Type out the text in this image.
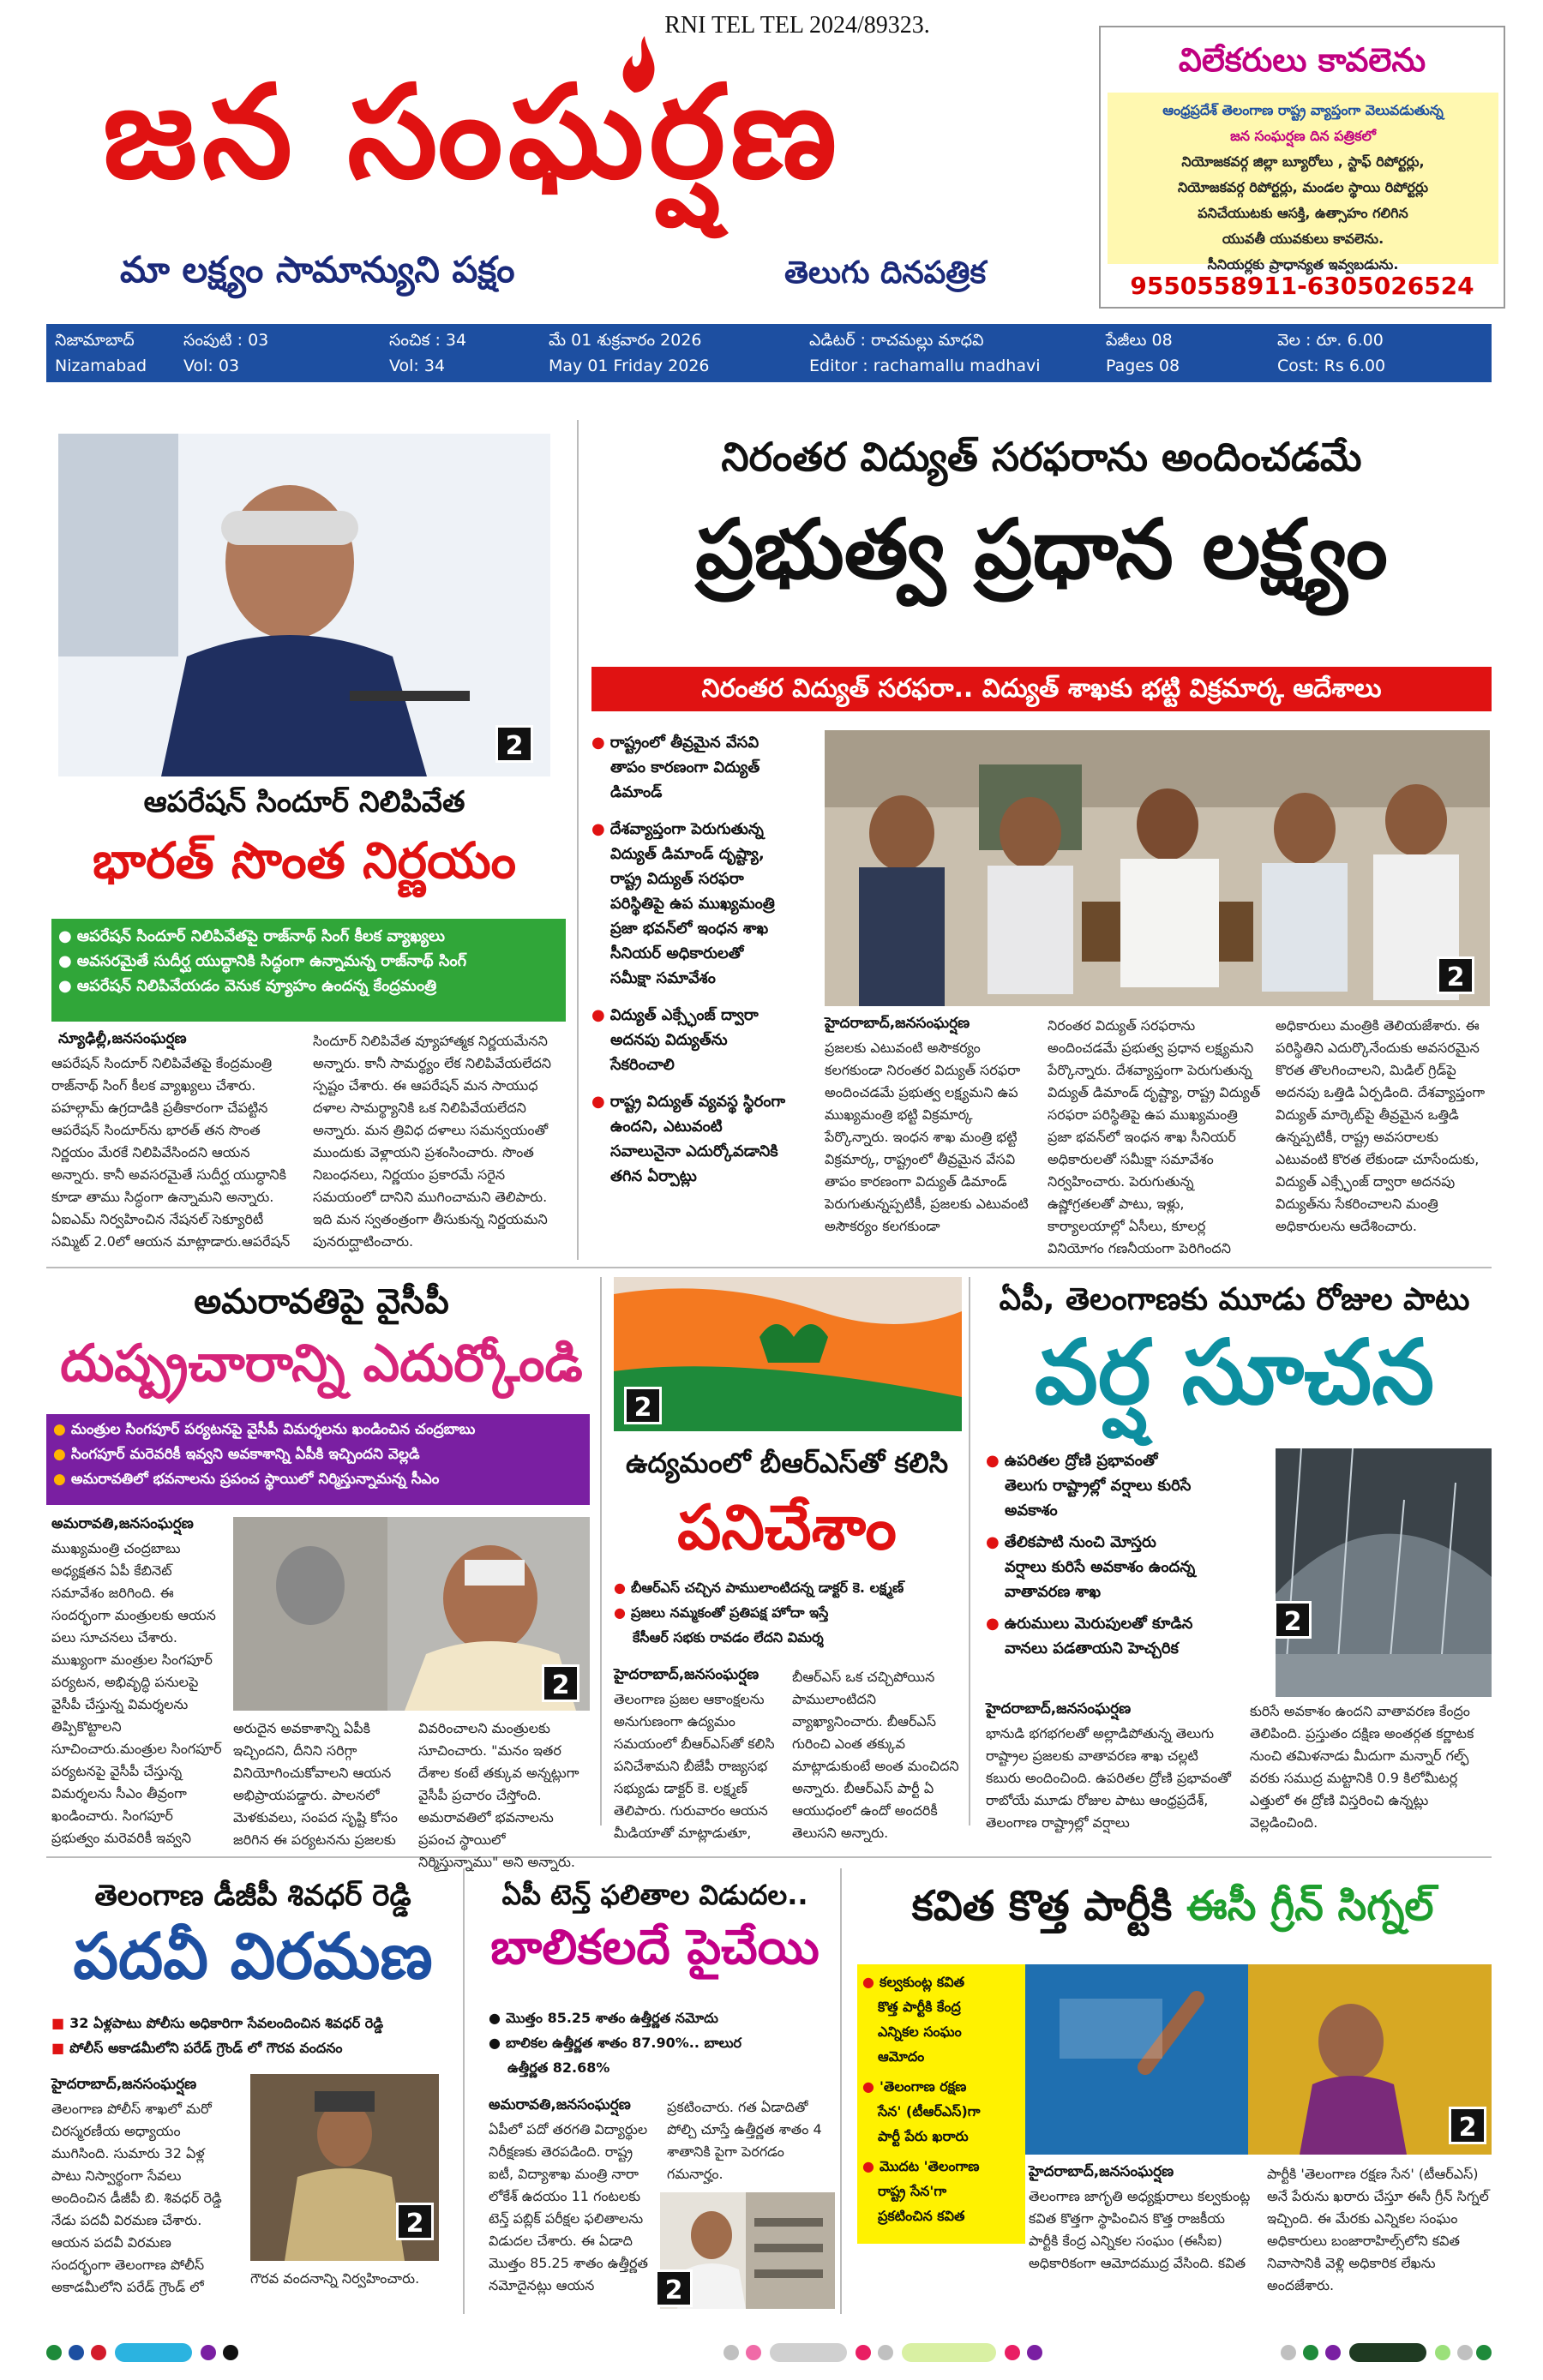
RNI TEL TEL 2024/89323.
జన సంఘర్షణ
మా లక్ష్యం సామాన్యుని పక్షం	తెలుగు దినపత్రిక
విలేకరులు కావలెను
ఆంధ్రప్రదేశ్ తెలంగాణ రాష్ట్ర వ్యాప్తంగా వెలువడుతున్న
జన సంఘర్షణ దిన పత్రికలో
నియోజకవర్గ జిల్లా బ్యూరోలు , స్టాఫ్ రిపోర్టర్లు,
నియోజకవర్గ రిపోర్టర్లు, మండల స్థాయి రిపోర్టర్లు
పనిచేయుటకు ఆసక్తి, ఉత్సాహం గలిగిన
యువతీ యువకులు కావలెను.
సీనియర్లకు ప్రాధాన్యత ఇవ్వబడును.
9550558911-6305026524
నిజామాబాద్
Nizamabad
సంపుటి : 03
Vol: 03
సంచిక : 34
Vol: 34
మే 01 శుక్రవారం 2026
May 01 Friday 2026
ఎడిటర్ : రాచమల్లు మాధవి
Editor : rachamallu madhavi
పేజీలు 08
Pages 08
వెల : రూ. 6.00
Cost: Rs 6.00
2
ఆపరేషన్ సిందూర్ నిలిపివేత
భారత్ సొంత నిర్ణయం
● ఆపరేషన్ సిందూర్ నిలిపివేతపై రాజ్‌నాథ్ సింగ్ కీలక వ్యాఖ్యలు
● అవసరమైతే సుదీర్ఘ యుద్ధానికి సిద్ధంగా ఉన్నామన్న రాజ్‌నాథ్ సింగ్
● ఆపరేషన్ నిలిపివేయడం వెనుక వ్యూహం ఉందన్న కేంద్రమంత్రి
న్యూఢిల్లీ,జనసంఘర్షణ
ఆపరేషన్ సిందూర్ నిలిపివేతపై కేంద్రమంత్రి రాజ్‌నాథ్ సింగ్ కీలక వ్యాఖ్యలు చేశారు. పహల్గామ్ ఉగ్రదాడికి ప్రతీకారంగా చేపట్టిన ఆపరేషన్ సిందూర్‌ను భారత్ తన సొంత నిర్ణయం మేరకే నిలిపివేసిందని ఆయన అన్నారు. కానీ అవసరమైతే సుదీర్ఘ యుద్ధానికి కూడా తాము సిద్ధంగా ఉన్నామని అన్నారు. ఏఐఎమ్ నిర్వహించిన నేషనల్ సెక్యూరిటీ సమ్మిట్ 2.0లో ఆయన మాట్లాడారు.ఆపరేషన్
సిందూర్ నిలిపివేత వ్యూహాత్మక నిర్ణయమేనని అన్నారు. కానీ సామర్థ్యం లేక నిలిపివేయలేదని స్పష్టం చేశారు. ఈ ఆపరేషన్ మన సాయుధ దళాల సామర్థ్యానికి ఒక నిలిపివేయలేదని అన్నారు. మన త్రివిధ దళాలు సమన్వయంతో ముందుకు వెళ్లాయని ప్రశంసించారు. సొంత నిబంధనలు, నిర్ణయం ప్రకారమే సరైన సమయంలో దానిని ముగించామని తెలిపారు. ఇది మన స్వతంత్రంగా తీసుకున్న నిర్ణయమని పునరుద్ఘాటించారు.
నిరంతర విద్యుత్ సరఫరాను అందించడమే
ప్రభుత్వ ప్రధాన లక్ష్యం
నిరంతర విద్యుత్ సరఫరా.. విద్యుత్ శాఖకు భట్టి విక్రమార్క ఆదేశాలు
● రాష్ట్రంలో తీవ్రమైన వేసవి
తాపం కారణంగా విద్యుత్
డిమాండ్
● దేశవ్యాప్తంగా పెరుగుతున్న
విద్యుత్ డిమాండ్ దృష్ట్యా,
రాష్ట్ర విద్యుత్ సరఫరా
పరిస్థితిపై ఉప ముఖ్యమంత్రి
ప్రజా భవన్‌లో ఇంధన శాఖ
సీనియర్ అధికారులతో
సమీక్షా సమావేశం
● విద్యుత్ ఎక్స్ఛేంజ్ ద్వారా
అదనపు విద్యుత్‌ను
సేకరించాలి
● రాష్ట్ర విద్యుత్ వ్యవస్థ స్థిరంగా
ఉందని, ఎటువంటి
సవాలునైనా ఎదుర్కోవడానికి
తగిన ఏర్పాట్లు
2
హైదరాబాద్,జనసంఘర్షణ
ప్రజలకు ఎటువంటి అసౌకర్యం కలగకుండా నిరంతర విద్యుత్ సరఫరా అందించడమే ప్రభుత్వ లక్ష్యమని ఉప ముఖ్యమంత్రి భట్టి విక్రమార్క పేర్కొన్నారు. ఇంధన శాఖ మంత్రి భట్టి విక్రమార్క, రాష్ట్రంలో తీవ్రమైన వేసవి తాపం కారణంగా విద్యుత్ డిమాండ్ పెరుగుతున్నప్పటికీ, ప్రజలకు ఎటువంటి అసౌకర్యం కలగకుండా
నిరంతర విద్యుత్ సరఫరాను అందించడమే ప్రభుత్వ ప్రధాన లక్ష్యమని పేర్కొన్నారు. దేశవ్యాప్తంగా పెరుగుతున్న విద్యుత్ డిమాండ్ దృష్ట్యా, రాష్ట్ర విద్యుత్ సరఫరా పరిస్థితిపై ఉప ముఖ్యమంత్రి ప్రజా భవన్‌లో ఇంధన శాఖ సీనియర్ అధికారులతో సమీక్షా సమావేశం నిర్వహించారు. పెరుగుతున్న ఉష్ణోగ్రతలతో పాటు, ఇళ్లు, కార్యాలయాల్లో ఏసీలు, కూలర్ల వినియోగం గణనీయంగా పెరిగిందని
అధికారులు మంత్రికి తెలియజేశారు. ఈ పరిస్థితిని ఎదుర్కొనేందుకు అవసరమైన కొరత తొలగించాలని, మిడిల్ గ్రిడ్‌పై అదనపు ఒత్తిడి ఏర్పడింది. దేశవ్యాప్తంగా విద్యుత్ మార్కెట్‌పై తీవ్రమైన ఒత్తిడి ఉన్నప్పటికీ, రాష్ట్ర అవసరాలకు ఎటువంటి కొరత లేకుండా చూసేందుకు, విద్యుత్ ఎక్స్ఛేంజ్ ద్వారా అదనపు విద్యుత్‌ను సేకరించాలని మంత్రి అధికారులను ఆదేశించారు.
అమరావతిపై వైసీపీ
దుష్ప్రచారాన్ని ఎదుర్కోండి
● మంత్రుల సింగపూర్ పర్యటనపై వైసీపీ విమర్శలను ఖండించిన చంద్రబాబు
● సింగపూర్ మరెవరికీ ఇవ్వని అవకాశాన్ని ఏపీకి ఇచ్చిందని వెల్లడి
● అమరావతిలో భవనాలను ప్రపంచ స్థాయిలో నిర్మిస్తున్నామన్న సీఎం
అమరావతి,జనసంఘర్షణ
ముఖ్యమంత్రి చంద్రబాబు అధ్యక్షతన ఏపీ కేబినెట్ సమావేశం జరిగింది. ఈ సందర్భంగా మంత్రులకు ఆయన పలు సూచనలు చేశారు. ముఖ్యంగా మంత్రుల సింగపూర్ పర్యటన, అభివృద్ధి పనులపై వైసీపీ చేస్తున్న విమర్శలను తిప్పికొట్టాలని సూచించారు.మంత్రుల సింగపూర్ పర్యటనపై వైసీపీ చేస్తున్న విమర్శలను సీఎం తీవ్రంగా ఖండించారు. సింగపూర్ ప్రభుత్వం మరెవరికీ ఇవ్వని
2
అరుదైన అవకాశాన్ని ఏపీకి ఇచ్చిందని, దీనిని సరిగ్గా వినియోగించుకోవాలని ఆయన అభిప్రాయపడ్డారు. పాలనలో మెళకువలు, సంపద సృష్టి కోసం జరిగిన ఈ పర్యటనను ప్రజలకు
వివరించాలని మంత్రులకు సూచించారు. "మనం ఇతర దేశాల కంటే తక్కువ అన్నట్లుగా వైసీపీ ప్రచారం చేస్తోంది. అమరావతిలో భవనాలను ప్రపంచ స్థాయిలో నిర్మిస్తున్నాము" అని అన్నారు.
2
ఉద్యమంలో బీఆర్ఎస్‌తో కలిసి
పనిచేశాం
● బీఆర్ఎస్ చచ్చిన పాములాంటిదన్న డాక్టర్ కె. లక్ష్మణ్
● ప్రజలు నమ్మకంతో ప్రతిపక్ష హోదా ఇస్తే
కేసీఆర్ సభకు రావడం లేదని విమర్శ
హైదరాబాద్,జనసంఘర్షణ
తెలంగాణ ప్రజల ఆకాంక్షలను అనుగుణంగా ఉద్యమం సమయంలో బీఆర్ఎస్‌తో కలిసి పనిచేశామని బీజేపీ రాజ్యసభ సభ్యుడు డాక్టర్ కె. లక్ష్మణ్ తెలిపారు. గురువారం ఆయన మీడియాతో మాట్లాడుతూ,
బీఆర్ఎస్ ఒక చచ్చిపోయిన పాములాంటిదని వ్యాఖ్యానించారు. బీఆర్ఎస్ గురించి ఎంత తక్కువ మాట్లాడుకుంటే అంత మంచిదని అన్నారు. బీఆర్ఎస్ పార్టీ ఏ ఆయుధంలో ఉందో అందరికీ తెలుసని అన్నారు.
ఏపీ, తెలంగాణకు మూడు రోజుల పాటు
వర్ష సూచన
● ఉపరితల ద్రోణి ప్రభావంతో
తెలుగు రాష్ట్రాల్లో వర్షాలు కురిసే
అవకాశం
● తేలికపాటి నుంచి మోస్తరు
వర్షాలు కురిసే అవకాశం ఉందన్న
వాతావరణ శాఖ
● ఉరుములు మెరుపులతో కూడిన
వానలు పడతాయని హెచ్చరిక
2
హైదరాబాద్,జనసంఘర్షణ
భానుడి భగభగలతో అల్లాడిపోతున్న తెలుగు రాష్ట్రాల ప్రజలకు వాతావరణ శాఖ చల్లటి కబురు అందించింది. ఉపరితల ద్రోణి ప్రభావంతో రాబోయే మూడు రోజుల పాటు ఆంధ్రప్రదేశ్, తెలంగాణ రాష్ట్రాల్లో వర్షాలు
కురిసే అవకాశం ఉందని వాతావరణ కేంద్రం తెలిపింది. ప్రస్తుతం దక్షిణ అంతర్గత కర్ణాటక నుంచి తమిళనాడు మీదుగా మన్నార్ గల్ఫ్ వరకు సముద్ర మట్టానికి 0.9 కిలోమీటర్ల ఎత్తులో ఈ ద్రోణి విస్తరించి ఉన్నట్లు వెల్లడించింది.
తెలంగాణ డీజీపీ శివధర్ రెడ్డి
పదవీ విరమణ
■ 32 ఏళ్లపాటు పోలీసు అధికారిగా సేవలందించిన శివధర్ రెడ్డి
■ పోలీస్ అకాడమీలోని పరేడ్ గ్రౌండ్ లో గౌరవ వందనం
హైదరాబాద్,జనసంఘర్షణ
తెలంగాణ పోలీస్ శాఖలో మరో చిరస్మరణీయ అధ్యాయం ముగిసింది. సుమారు 32 ఏళ్ల పాటు నిస్వార్థంగా సేవలు అందించిన డీజీపీ బి. శివధర్ రెడ్డి నేడు పదవీ విరమణ చేశారు. ఆయన పదవీ విరమణ సందర్భంగా తెలంగాణ పోలీస్ అకాడమీలోని పరేడ్ గ్రౌండ్ లో
2
గౌరవ వందనాన్ని నిర్వహించారు.
ఏపీ టెన్త్ ఫలితాల విడుదల..
బాలికలదే పైచేయి
● మొత్తం 85.25 శాతం ఉత్తీర్ణత నమోదు
● బాలికల ఉత్తీర్ణత శాతం 87.90%.. బాలుర
ఉత్తీర్ణత 82.68%
అమరావతి,జనసంఘర్షణ
ఏపీలో పదో తరగతి విద్యార్థుల నిరీక్షణకు తెరపడింది. రాష్ట్ర ఐటీ, విద్యాశాఖ మంత్రి నారా లోకేశ్ ఉదయం 11 గంటలకు టెన్త్ పబ్లిక్ పరీక్షల ఫలితాలను విడుదల చేశారు. ఈ ఏడాది మొత్తం 85.25 శాతం ఉత్తీర్ణత నమోదైనట్లు ఆయన
ప్రకటించారు. గత ఏడాదితో పోల్చి చూస్తే ఉత్తీర్ణత శాతం 4 శాతానికి పైగా పెరగడం గమనార్హం.
2
కవిత కొత్త పార్టీకి ఈసీ గ్రీన్ సిగ్నల్
● కల్వకుంట్ల కవిత
కొత్త పార్టీకి కేంద్ర
ఎన్నికల సంఘం
ఆమోదం
● 'తెలంగాణ రక్షణ
సేన' (టీఆర్ఎస్)గా
పార్టీ పేరు ఖరారు
● మొదట 'తెలంగాణ
రాష్ట్ర సేన'గా
ప్రకటించిన కవిత
2
హైదరాబాద్,జనసంఘర్షణ
తెలంగాణ జాగృతి అధ్యక్షురాలు కల్వకుంట్ల కవిత కొత్తగా స్థాపించిన కొత్త రాజకీయ పార్టీకి కేంద్ర ఎన్నికల సంఘం (ఈసీఐ) అధికారికంగా ఆమోదముద్ర వేసింది. కవిత
పార్టీకి 'తెలంగాణ రక్షణ సేన' (టీఆర్ఎస్) అనే పేరును ఖరారు చేస్తూ ఈసీ గ్రీన్ సిగ్నల్ ఇచ్చింది. ఈ మేరకు ఎన్నికల సంఘం అధికారులు బంజారాహిల్స్‌లోని కవిత నివాసానికి వెళ్లి అధికారిక లేఖను అందజేశారు.
